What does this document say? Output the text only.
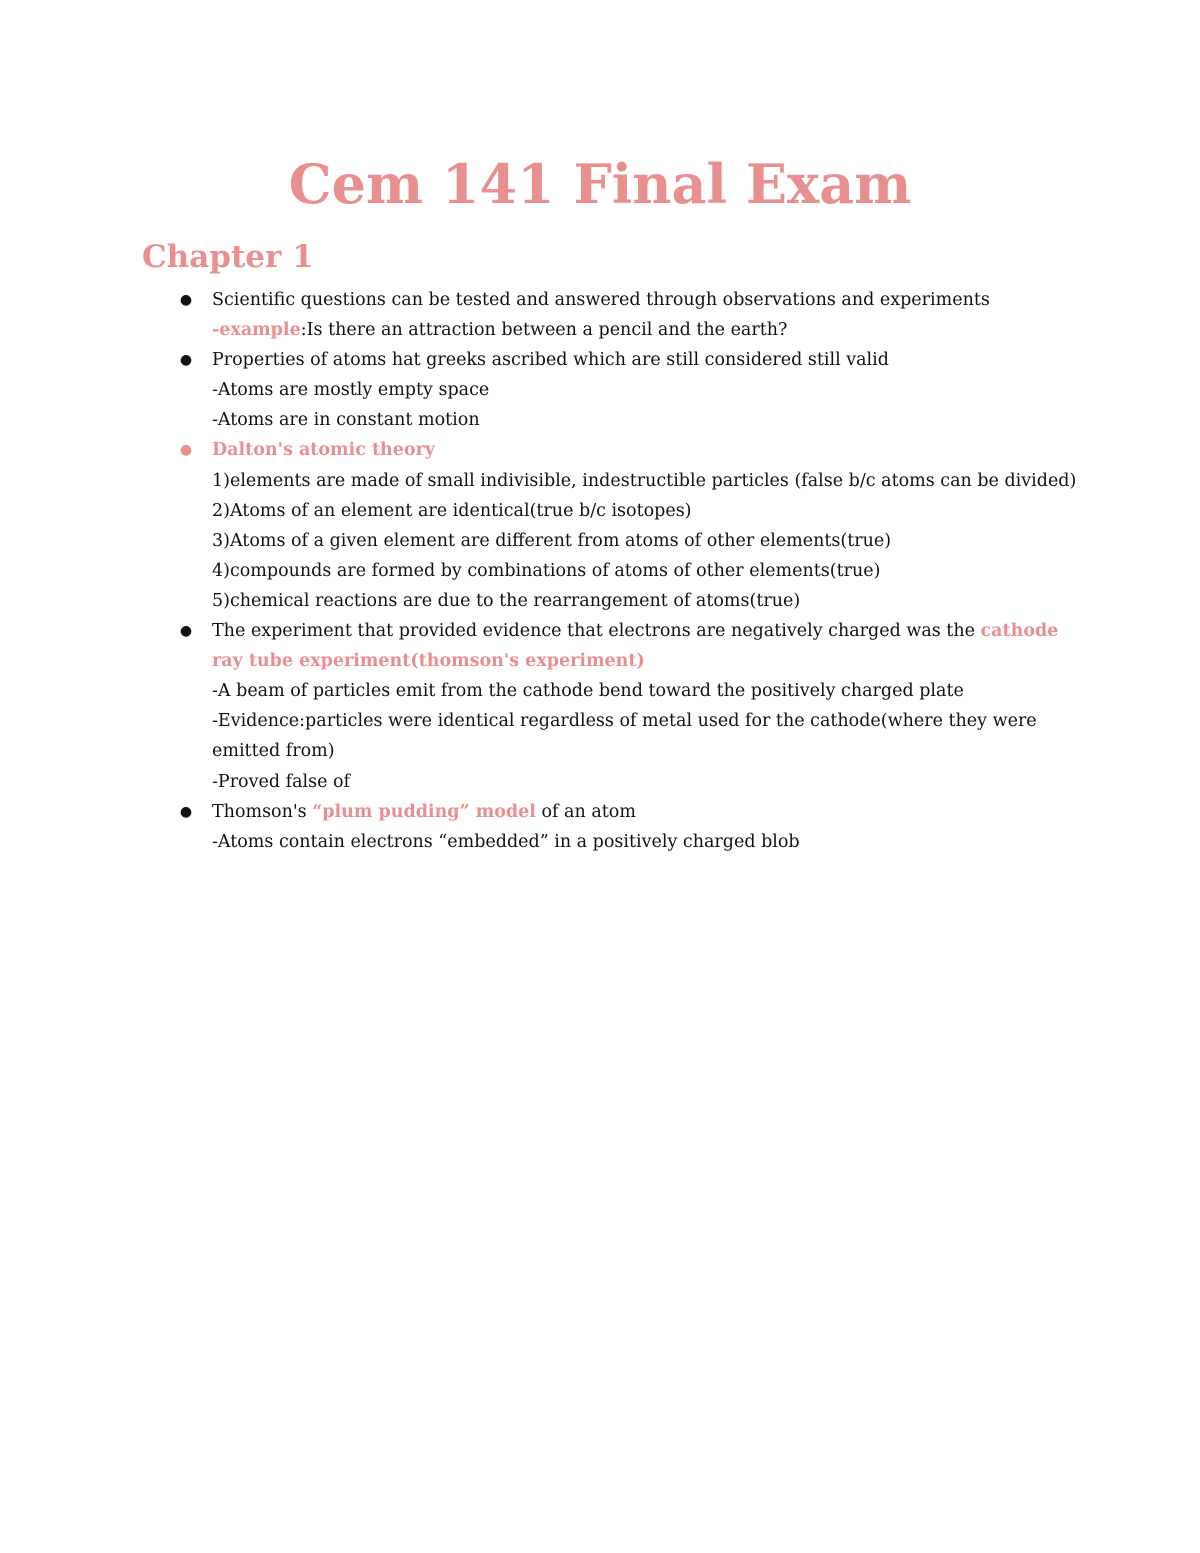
Cem 141 Final Exam
Chapter 1
● Scientific questions can be tested and answered through observations and experiments
-example:Is there an attraction between a pencil and the earth?
● Properties of atoms hat greeks ascribed which are still considered still valid
-Atoms are mostly empty space
-Atoms are in constant motion
● Dalton's atomic theory
1)elements are made of small indivisible, indestructible particles (false b/c atoms can be divided)
2)Atoms of an element are identical(true b/c isotopes)
3)Atoms of a given element are different from atoms of other elements(true)
4)compounds are formed by combinations of atoms of other elements(true)
5)chemical reactions are due to the rearrangement of atoms(true)
● The experiment that provided evidence that electrons are negatively charged was the cathode
ray tube experiment(thomson's experiment)
-A beam of particles emit from the cathode bend toward the positively charged plate
-Evidence:particles were identical regardless of metal used for the cathode(where they were
emitted from)
-Proved false of
● Thomson's “plum pudding” model of an atom
-Atoms contain electrons “embedded” in a positively charged blob
